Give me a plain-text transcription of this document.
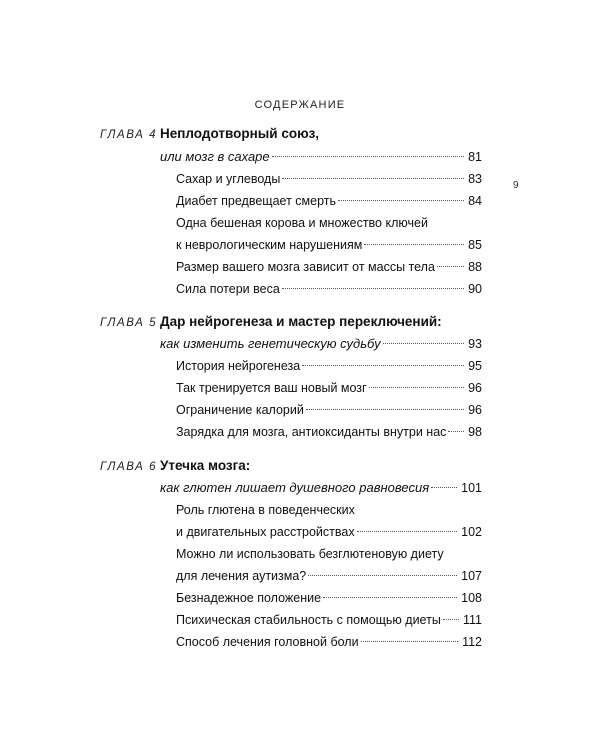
СОДЕРЖАНИЕ
9
ГЛАВА 4 Неплодотворный союз,
или мозг в сахаре	81
Сахар и углеводы	83
Диабет предвещает смерть	84
Одна бешеная корова и множество ключей
к неврологическим нарушениям	85
Размер вашего мозга зависит от массы тела	88
Сила потери веса	90
ГЛАВА 5 Дар нейрогенеза и мастер переключений:
как изменить генетическую судьбу	93
История нейрогенеза	95
Так тренируется ваш новый мозг	96
Ограничение калорий	96
Зарядка для мозга, антиоксиданты внутри нас 98
ГЛАВА 6 Утечка мозга:
как глютен лишает душевного равновесия	101
Роль глютена в поведенческих
и двигательных расстройствах	102
Можно ли использовать безглютеновую диету
для лечения аутизма?	107
Безнадежное положение	108
Психическая стабильность с помощью диеты 111
Способ лечения головной боли	112
